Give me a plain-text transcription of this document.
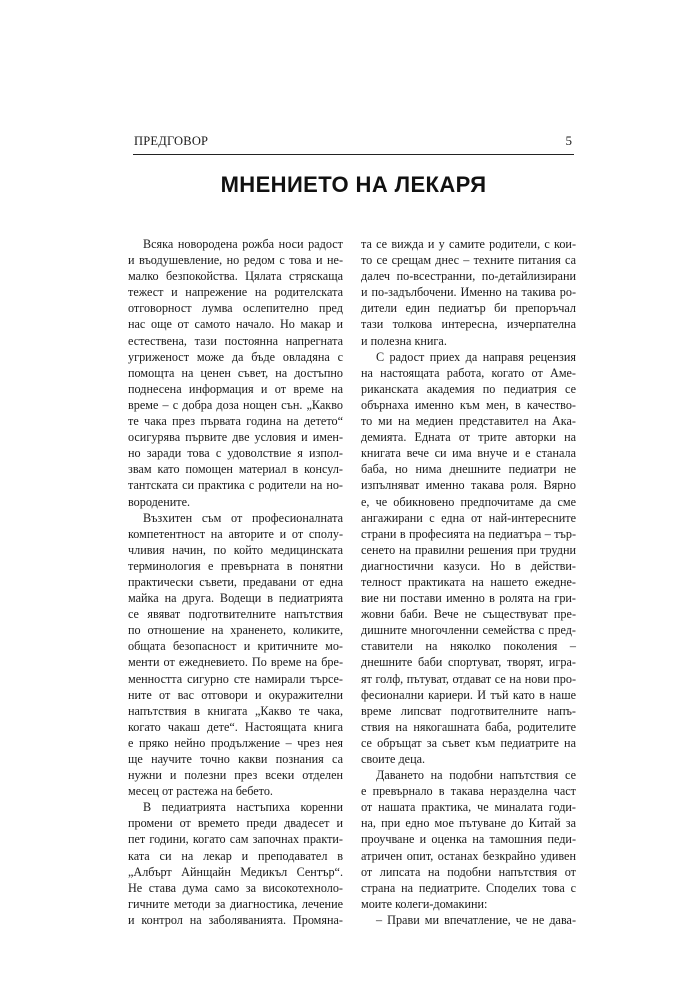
ПРЕДГОВОР	5
МНЕНИЕТО НА ЛЕКАРЯ
Всяка новородена рожба носи радост
и въодушевление, но редом с това и не-
малко безпокойства. Цялата стряскаща
тежест и напрежение на родителската
отговорност лумва ослепително пред
нас още от самото начало. Но макар и
естествена, тази постоянна напрегната
угриженост може да бъде овладяна с
помощта на ценен съвет, на достъпно
поднесена информация и от време на
време – с добра доза нощен сън. „Какво
те чака през първата година на детето“
осигурява първите две условия и имен-
но заради това с удоволствие я изпол-
звам като помощен материал в консул-
тантската си практика с родители на но-
вородените.
Възхитен съм от професионалната
компетентност на авторите и от сполу-
чливия начин, по който медицинската
терминология е превърната в понятни
практически съвети, предавани от една
майка на друга. Водещи в педиатрията
се явяват подготвителните напътствия
по отношение на храненето, коликите,
общата безопасност и критичните мо-
менти от ежедневието. По време на бре-
менността сигурно сте намирали търсе-
ните от вас отговори и окуражителни
напътствия в книгата „Какво те чака,
когато чакаш дете“. Настоящата книга
е пряко нейно продължение – чрез нея
ще научите точно какви познания са
нужни и полезни през всеки отделен
месец от растежа на бебето.
В педиатрията настъпиха коренни
промени от времето преди двадесет и
пет години, когато сам започнах практи-
ката си на лекар и преподавател в
„Албърт Айнщайн Медикъл Сентър“.
Не става дума само за високотехноло-
гичните методи за диагностика, лечение
и контрол на заболяванията. Промяна-
та се вижда и у самите родители, с кои-
то се срещам днес – техните питания са
далеч по-всестранни, по-детайлизирани
и по-задълбочени. Именно на такива ро-
дители един педиатър би препоръчал
тази толкова интересна, изчерпателна
и полезна книга.
С радост приех да направя рецензия
на настоящата работа, когато от Аме-
риканската академия по педиатрия се
обърнаха именно към мен, в качество-
то ми на медиен представител на Ака-
демията. Едната от трите авторки на
книгата вече си има внуче и е станала
баба, но нима днешните педиатри не
изпълняват именно такава роля. Вярно
е, че обикновено предпочитаме да сме
ангажирани с една от най-интересните
страни в професията на педиатъра – тър-
сенето на правилни решения при трудни
диагностични казуси. Но в действи-
телност практиката на нашето ежедне-
вие ни постави именно в ролята на гри-
жовни баби. Вече не съществуват пре-
дишните многочленни семейства с пред-
ставители на няколко поколения –
днешните баби спортуват, творят, игра-
ят голф, пътуват, отдават се на нови про-
фесионални кариери. И тъй като в наше
време липсват подготвителните напъ-
ствия на някогашната баба, родителите
се обръщат за съвет към педиатрите на
своите деца.
Даването на подобни напътствия се
е превърнало в такава неразделна част
от нашата практика, че миналата годи-
на, при едно мое пътуване до Китай за
проучване и оценка на тамошния педи-
атричен опит, останах безкрайно удивен
от липсата на подобни напътствия от
страна на педиатрите. Споделих това с
моите колеги-домакини:
– Прави ми впечатление, че не дава-
